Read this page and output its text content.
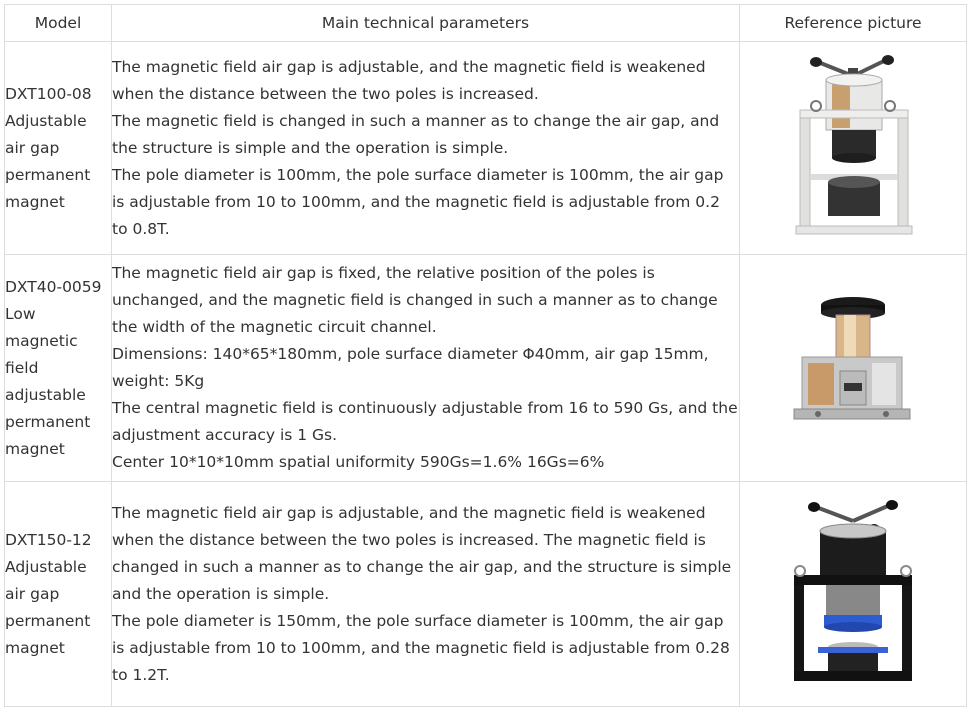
Model	Main technical parameters	Reference picture
DXT100-08 Adjustable air gap permanent magnet	The magnetic field air gap is adjustable, and the magnetic field is weakened when the distance between the two poles is increased.

The magnetic field is changed in such a manner as to change the air gap, and the structure is simple and the operation is simple.

The pole diameter is 100mm, the pole surface diameter is 100mm, the air gap is adjustable from 10 to 100mm, and the magnetic field is adjustable from 0.2 to 0.8T.

DXT40-0059 Low magnetic field adjustable permanent magnet	The magnetic field air gap is fixed, the relative position of the poles is unchanged, and the magnetic field is changed in such a manner as to change the width of the magnetic circuit channel.

Dimensions: 140*65*180mm, pole surface diameter Φ40mm, air gap 15mm, weight: 5Kg

The central magnetic field is continuously adjustable from 16 to 590 Gs, and the adjustment accuracy is 1 Gs.

Center 10*10*10mm spatial uniformity 590Gs=1.6% 16Gs=6%

DXT150-12 Adjustable air gap permanent magnet	The magnetic field air gap is adjustable, and the magnetic field is weakened when the distance between the two poles is increased. The magnetic field is changed in such a manner as to change the air gap, and the structure is simple and the operation is simple.

The pole diameter is 150mm, the pole surface diameter is 100mm, the air gap is adjustable from 10 to 100mm, and the magnetic field is adjustable from 0.28 to 1.2T.
